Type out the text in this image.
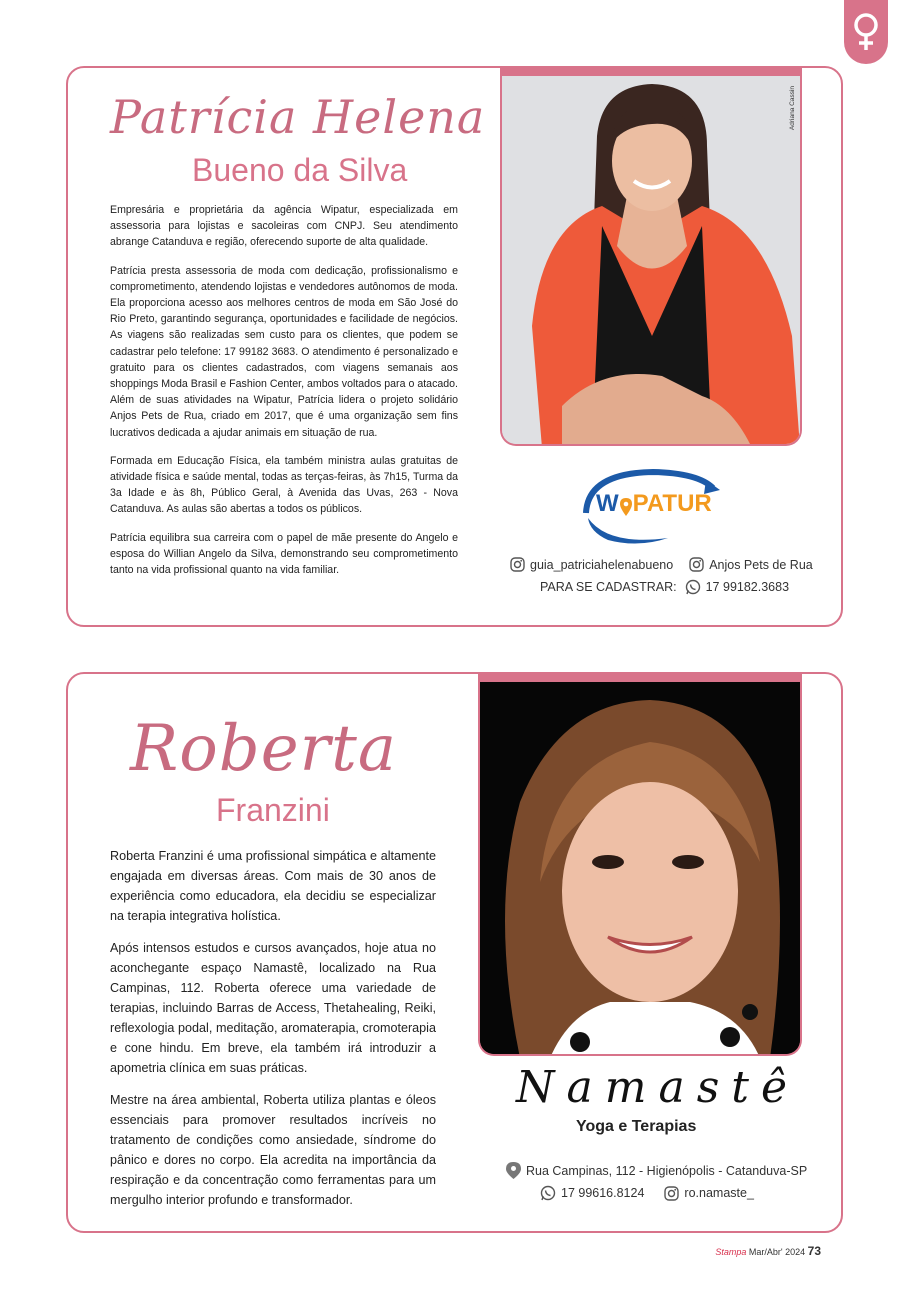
Patrícia Helena
Bueno da Silva

Empresária e proprietária da agência Wipatur, especializada em assessoria para lojistas e sacoleiras com CNPJ. Seu atendimento abrange Catanduva e região, oferecendo suporte de alta qualidade.

Patrícia presta assessoria de moda com dedicação, profissionalismo e comprometimento, atendendo lojistas e vendedores autônomos de moda. Ela proporciona acesso aos melhores centros de moda em São José do Rio Preto, garantindo segurança, oportunidades e facilidade de negócios. As viagens são realizadas sem custo para os clientes, que podem se cadastrar pelo telefone: 17 99182 3683. O atendimento é personalizado e gratuito para os clientes cadastrados, com viagens semanais aos shoppings Moda Brasil e Fashion Center, ambos voltados para o atacado. Além de suas atividades na Wipatur, Patrícia lidera o projeto solidário Anjos Pets de Rua, criado em 2017, que é uma organização sem fins lucrativos dedicada a ajudar animais em situação de rua.

Formada em Educação Física, ela também ministra aulas gratuitas de atividade física e saúde mental, todas as terças-feiras, às 7h15, Turma da 3a Idade e às 8h, Público Geral, à Avenida das Uvas, 263 - Nova Catanduva. As aulas são abertas a todos os públicos.

Patrícia equilibra sua carreira com o papel de mãe presente do Angelo e esposa do Willian Angelo da Silva, demonstrando seu comprometimento tanto na vida profissional quanto na vida familiar.

Adriana Cassin
W PATUR
guia_patriciahelenabueno	Anjos Pets de Rua
PARA SE CADASTRAR: 17 99182.3683
Roberta
Franzini

Roberta Franzini é uma profissional simpática e altamente engajada em diversas áreas. Com mais de 30 anos de experiência como educadora, ela decidiu se especializar na terapia integrativa holística.

Após intensos estudos e cursos avançados, hoje atua no aconchegante espaço Namastê, localizado na Rua Campinas, 112. Roberta oferece uma variedade de terapias, incluindo Barras de Access, Thetahealing, Reiki, reflexologia podal, meditação, aromaterapia, cromoterapia e cone hindu. Em breve, ela também irá introduzir a apometria clínica em suas práticas.

Mestre na área ambiental, Roberta utiliza plantas e óleos essenciais para promover resultados incríveis no tratamento de condições como ansiedade, síndrome do pânico e dores no corpo. Ela acredita na importância da respiração e da concentração como ferramentas para um mergulho interior profundo e transformador.

Namastê
Yoga e Terapias
Rua Campinas, 112 - Higienópolis - Catanduva-SP
17 99616.8124	ro.namaste_
Stampa Mar/Abr' 2024 73
